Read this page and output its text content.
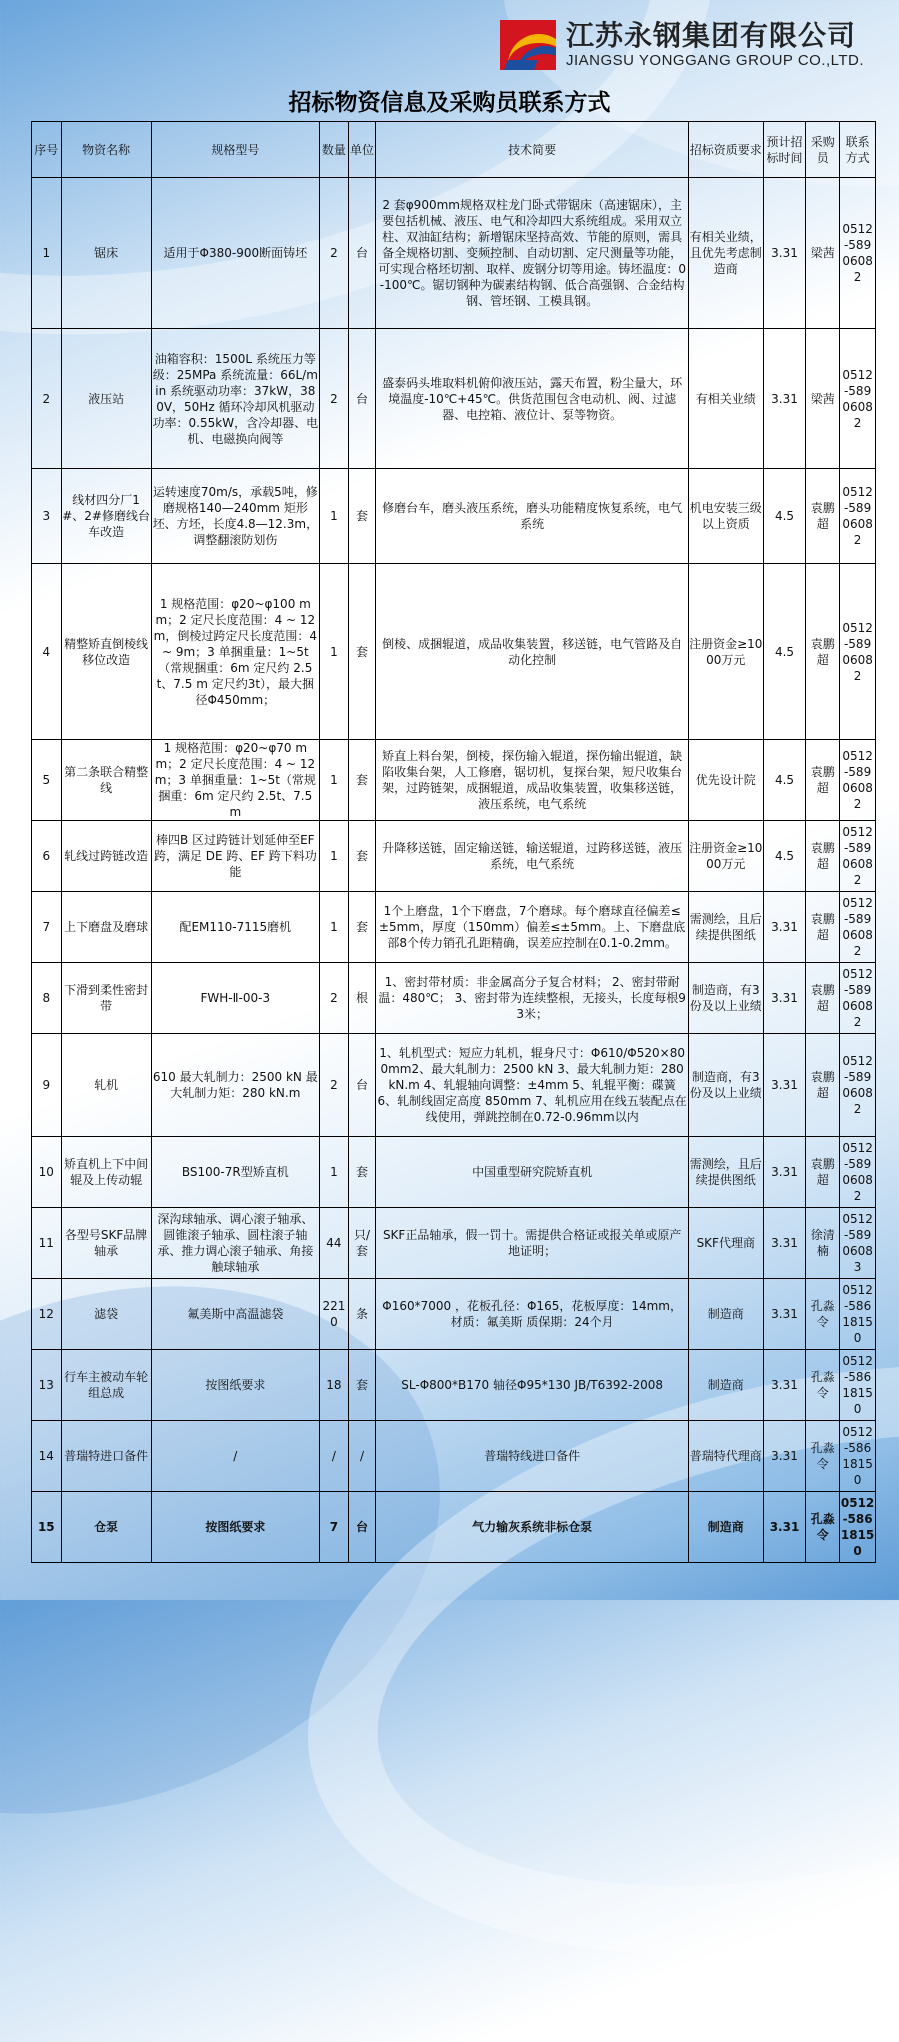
江苏永钢集团有限公司
JIANGSU YONGGANG GROUP CO.,LTD.
招标物资信息及采购员联系方式
序号	物资名称	规格型号	数量	单位	技术简要	招标资质要求	预计招标时间	采购员	联系方式
1	锯床	适用于Φ380-900断面铸坯	2	台	2 套φ900mm规格双柱龙门卧式带锯床（高速锯床），主要包括机械、液压、电气和冷却四大系统组成。采用双立柱、双油缸结构；新增锯床坚持高效、节能的原则，需具备全规格切割、变频控制、自动切割、定尺测量等功能，可实现合格坯切割、取样、废钢分切等用途。铸坯温度：0-100℃。锯切钢种为碳素结构钢、低合高强钢、合金结构钢、管坯钢、工模具钢。	有相关业绩，且优先考虑制造商	3.31	梁茜	0512-58906082
2	液压站	油箱容积：1500L 系统压力等级：25MPa 系统流量：66L/min 系统驱动功率：37kW，380V，50Hz 循环冷却风机驱动功率：0.55kW，含冷却器、电机、电磁换向阀等	2	台	盛泰码头堆取料机俯仰液压站，露天布置，粉尘量大，环境温度-10℃+45℃。供货范围包含电动机、阀、过滤器、电控箱、液位计、泵等物资。	有相关业绩	3.31	梁茜	0512-58906082
3	线材四分厂1#、2#修磨线台车改造	运转速度70m/s，承载5吨，修磨规格140—240mm 矩形坯、方坯，长度4.8—12.3m，调整翻滚防划伤	1	套	修磨台车，磨头液压系统，磨头功能精度恢复系统，电气系统	机电安装三级以上资质	4.5	袁鹏超	0512-58906082
4	精整矫直倒棱线移位改造	1 规格范围：φ20~φ100 mm；2 定尺长度范围：4 ~ 12m，倒棱过跨定尺长度范围：4~ 9m；3 单捆重量：1~5t（常规捆重：6m 定尺约 2.5t、7.5 m 定尺约3t），最大捆径Φ450mm；	1	套	倒棱、成捆辊道，成品收集装置，移送链，电气管路及自动化控制	注册资金≥1000万元	4.5	袁鹏超	0512-58906082
5	第二条联合精整线	1 规格范围：φ20~φ70 mm；2 定尺长度范围：4 ~ 12m；3 单捆重量：1~5t（常规捆重：6m 定尺约 2.5t、7.5 m	1	套	矫直上料台架，倒棱，探伤输入辊道，探伤输出辊道，缺陷收集台架，人工修磨，锯切机，复探台架，短尺收集台架，过跨链架，成捆辊道，成品收集装置，收集移送链，液压系统，电气系统	优先设计院	4.5	袁鹏超	0512-58906082
6	轧线过跨链改造	棒四B 区过跨链计划延伸至EF 跨，满足 DE 跨、EF 跨下料功能	1	套	升降移送链，固定输送链，输送辊道，过跨移送链，液压系统，电气系统	注册资金≥1000万元	4.5	袁鹏超	0512-58906082
7	上下磨盘及磨球	配EM110-7115磨机	1	套	1个上磨盘，1个下磨盘，7个磨球。每个磨球直径偏差≤±5mm，厚度（150mm）偏差≤±5mm。上、下磨盘底部8个传力销孔孔距精确，误差应控制在0.1-0.2mm。	需测绘，且后续提供图纸	3.31	袁鹏超	0512-58906082
8	下滑到柔性密封带	FWH-Ⅱ-00-3	2	根	1、密封带材质：非金属高分子复合材料； 2、密封带耐温：480℃； 3、密封带为连续整根，无接头，长度每根93米；	制造商，有3份及以上业绩	3.31	袁鹏超	0512-58906082
9	轧机	610 最大轧制力：2500 kN 最大轧制力矩：280 kN.m	2	台	1、轧机型式：短应力轧机，辊身尺寸：Φ610/Φ520×800mm2、最大轧制力：2500 kN 3、最大轧制力矩：280 kN.m 4、轧辊轴向调整：±4mm 5、轧辊平衡：碟簧 6、轧制线固定高度 850mm 7、轧机应用在线五装配点在线使用，弹跳控制在0.72-0.96mm以内	制造商，有3份及以上业绩	3.31	袁鹏超	0512-58906082
10	矫直机上下中间辊及上传动辊	BS100-7R型矫直机	1	套	中国重型研究院矫直机	需测绘，且后续提供图纸	3.31	袁鹏超	0512-58906082
11	各型号SKF品牌轴承	深沟球轴承、调心滚子轴承、圆锥滚子轴承、圆柱滚子轴承、推力调心滚子轴承、角接触球轴承	44	只/套	SKF正品轴承，假一罚十。需提供合格证或报关单或原产地证明；	SKF代理商	3.31	徐清楠	0512-58906083
12	滤袋	氟美斯中高温滤袋	2210	条	Φ160*7000 ，花板孔径：Φ165，花板厚度：14mm，材质：氟美斯 质保期：24个月	制造商	3.31	孔淼令	0512-58618150
13	行车主被动车轮组总成	按图纸要求	18	套	SL-Φ800*B170 轴径Φ95*130 JB/T6392-2008	制造商	3.31	孔淼令	0512-58618150
14	普瑞特进口备件	/	/	/	普瑞特线进口备件	普瑞特代理商	3.31	孔淼令	0512-58618150
15	仓泵	按图纸要求	7	台	气力输灰系统非标仓泵	制造商	3.31	孔淼令	0512-58618150
